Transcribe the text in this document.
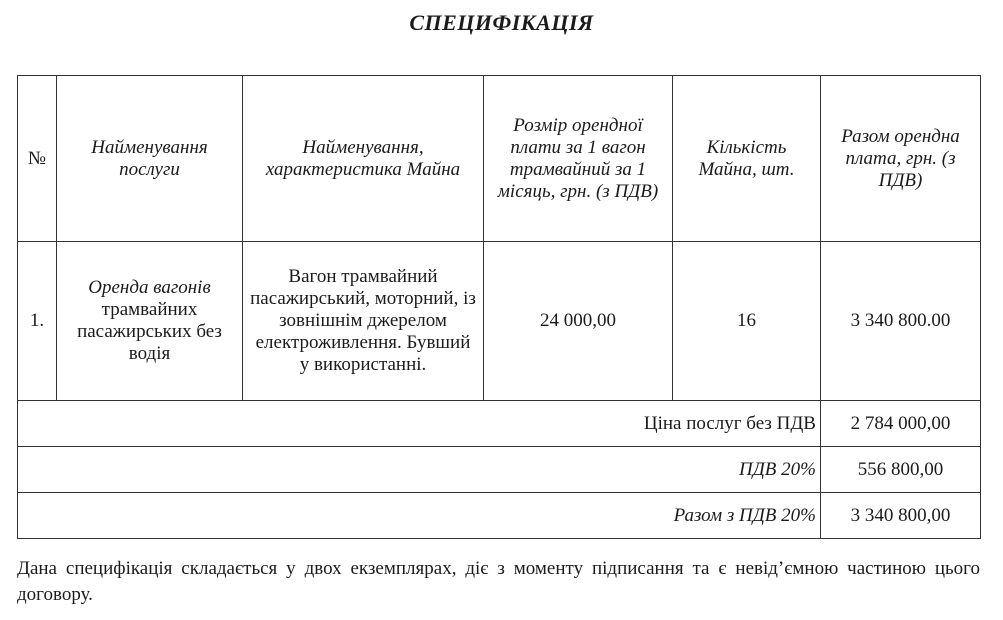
СПЕЦИФІКАЦІЯ
№	Найменування послуги	Найменування, характеристика Майна	Розмір орендної плати за 1 вагон трамвайний за 1 місяць, грн. (з ПДВ)	Кількість Майна, шт.	Разом орендна плата, грн. (з ПДВ)
1.	Оренда вагонів трамвайних пасажирських без водія	Вагон трамвайний пасажирський, моторний, із зовнішнім джерелом електроживлення. Бувший у використанні.	24 000,00	16	3 340 800.00
Ціна послуг без ПДВ					2 784 000,00
ПДВ 20%					556 800,00
Разом з ПДВ 20%					3 340 800,00
Дана специфікація складається у двох екземплярах, діє з моменту підписання та є невід’ємною частиною цього договору.
